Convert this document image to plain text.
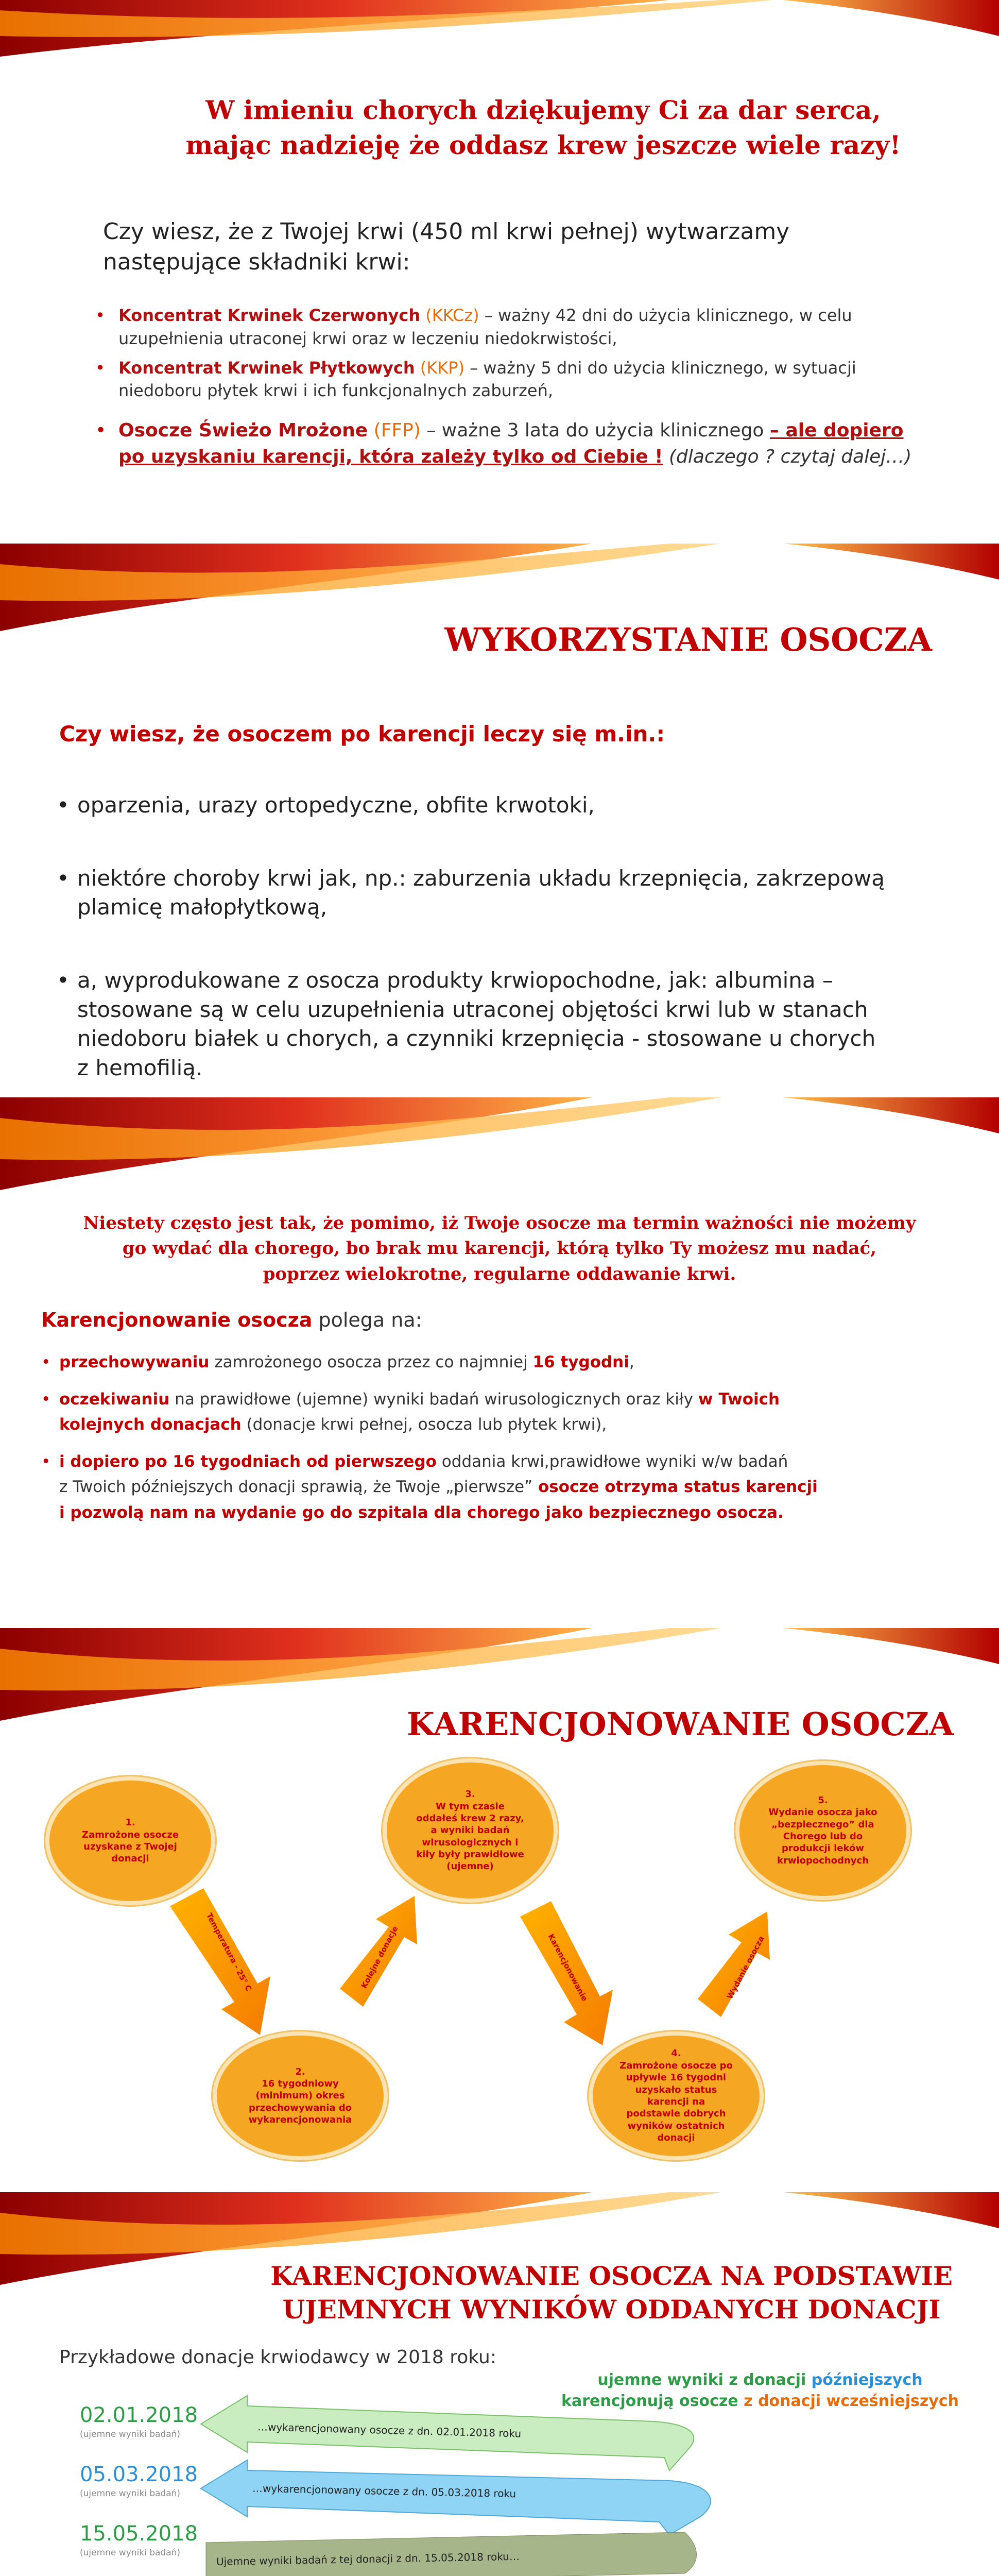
W imieniu chorych dziękujemy Ci za dar serca,
mając nadzieję że oddasz krew jeszcze wiele razy!
Czy wiesz, że z Twojej krwi (450 ml krwi pełnej) wytwarzamy
następujące składniki krwi:
• Koncentrat Krwinek Czerwonych (KKCz) – ważny 42 dni do użycia klinicznego, w celu
uzupełnienia utraconej krwi oraz w leczeniu niedokrwistości,
• Koncentrat Krwinek Płytkowych (KKP) – ważny 5 dni do użycia klinicznego, w sytuacji
niedoboru płytek krwi i ich funkcjonalnych zaburzeń,
• Osocze Świeżo Mrożone (FFP) – ważne 3 lata do użycia klinicznego – ale dopiero
po uzyskaniu karencji, która zależy tylko od Ciebie ! (dlaczego ? czytaj dalej…)
WYKORZYSTANIE OSOCZA
Czy wiesz, że osoczem po karencji leczy się m.in.:
• oparzenia, urazy ortopedyczne, obfite krwotoki,
• niektóre choroby krwi jak, np.: zaburzenia układu krzepnięcia, zakrzepową
plamicę małopłytkową,
• a, wyprodukowane z osocza produkty krwiopochodne, jak: albumina –
stosowane są w celu uzupełnienia utraconej objętości krwi lub w stanach
niedoboru białek u chorych, a czynniki krzepnięcia - stosowane u chorych
z hemofilią.
Niestety często jest tak, że pomimo, iż Twoje osocze ma termin ważności nie możemy
go wydać dla chorego, bo brak mu karencji, którą tylko Ty możesz mu nadać,
poprzez wielokrotne, regularne oddawanie krwi.
Karencjonowanie osocza polega na:
• przechowywaniu zamrożonego osocza przez co najmniej 16 tygodni,
• oczekiwaniu na prawidłowe (ujemne) wyniki badań wirusologicznych oraz kiły w Twoich
kolejnych donacjach (donacje krwi pełnej, osocza lub płytek krwi),
• i dopiero po 16 tygodniach od pierwszego oddania krwi,prawidłowe wyniki w/w badań
z Twoich późniejszych donacji sprawią, że Twoje „pierwsze” osocze otrzyma status karencji
i pozwolą nam na wydanie go do szpitala dla chorego jako bezpiecznego osocza.
KARENCJONOWANIE OSOCZA
Temperatura - 25° C	Kolejne donacje	Karencjonowanie	Wydanie osocza
1.
Zamrożone osocze uzyskane z Twojej donacji
2.
16 tygodniowy (minimum) okres przechowywania do wykarencjonowania
3.
W tym czasie oddałeś krew 2 razy, a wyniki badań wirusologicznych i kiły były prawidłowe (ujemne)
4.
Zamrożone osocze po upływie 16 tygodni uzyskało status karencji na podstawie dobrych wyników ostatnich donacji
5.
Wydanie osocza jako „bezpiecznego” dla Chorego lub do produkcji leków krwiopochodnych
KARENCJONOWANIE OSOCZA NA PODSTAWIE
UJEMNYCH WYNIKÓW ODDANYCH DONACJI
Przykładowe donacje krwiodawcy w 2018 roku:
ujemne wyniki z donacji późniejszych
karencjonują osocze z donacji wcześniejszych
02.01.2018
(ujemne wyniki badań)
05.03.2018
(ujemne wyniki badań)
15.05.2018
(ujemne wyniki badań)
…wykarencjonowany osocze z dn. 02.01.2018 roku
…wykarencjonowany osocze z dn. 05.03.2018 roku
Ujemne wyniki badań z tej donacji z dn. 15.05.2018 roku…
